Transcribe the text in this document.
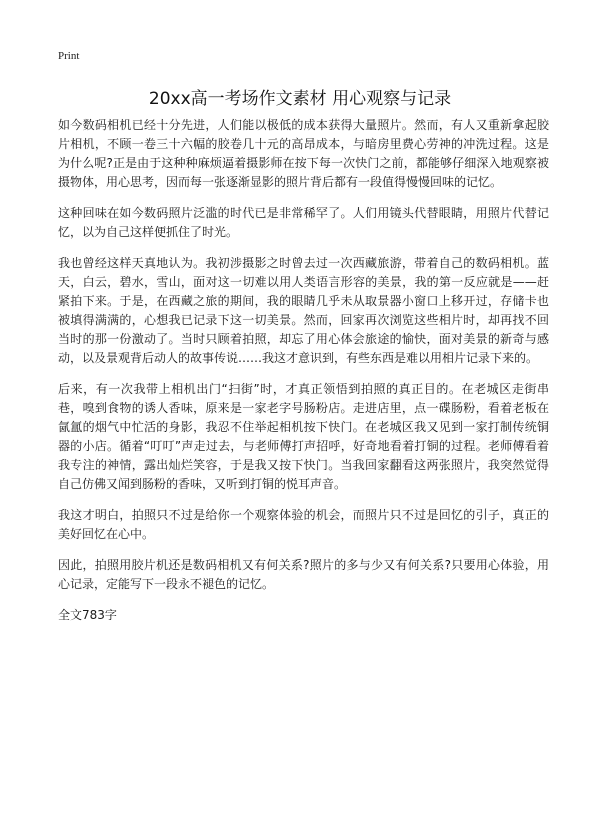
Print
20xx高一考场作文素材 用心观察与记录

如今数码相机已经十分先进，人们能以极低的成本获得大量照片。然而，有人又重新拿起胶片相机，不顾一卷三十六幅的胶卷几十元的高昂成本，与暗房里费心劳神的冲洗过程。这是为什么呢?正是由于这种种麻烦逼着摄影师在按下每一次快门之前，都能够仔细深入地观察被摄物体，用心思考，因而每一张逐渐显影的照片背后都有一段值得慢慢回味的记忆。

这种回味在如今数码照片泛滥的时代已是非常稀罕了。人们用镜头代替眼睛，用照片代替记忆，以为自己这样便抓住了时光。

我也曾经这样天真地认为。我初涉摄影之时曾去过一次西藏旅游，带着自己的数码相机。蓝天，白云，碧水，雪山，面对这一切难以用人类语言形容的美景，我的第一反应就是——赶紧拍下来。于是，在西藏之旅的期间，我的眼睛几乎未从取景器小窗口上移开过，存储卡也被填得满满的，心想我已记录下这一切美景。然而，回家再次浏览这些相片时，却再找不回当时的那一份激动了。当时只顾着拍照，却忘了用心体会旅途的愉快，面对美景的新奇与感动，以及景观背后动人的故事传说……我这才意识到，有些东西是难以用相片记录下来的。

后来，有一次我带上相机出门“扫街”时，才真正领悟到拍照的真正目的。在老城区走街串巷，嗅到食物的诱人香味，原来是一家老字号肠粉店。走进店里，点一碟肠粉，看着老板在氤氲的烟气中忙活的身影，我忍不住举起相机按下快门。在老城区我又见到一家打制传统铜器的小店。循着“叮叮”声走过去，与老师傅打声招呼，好奇地看着打铜的过程。老师傅看着我专注的神情，露出灿烂笑容，于是我又按下快门。当我回家翻看这两张照片，我突然觉得自己仿佛又闻到肠粉的香味，又听到打铜的悦耳声音。

我这才明白，拍照只不过是给你一个观察体验的机会，而照片只不过是回忆的引子，真正的美好回忆在心中。

因此，拍照用胶片机还是数码相机又有何关系?照片的多与少又有何关系?只要用心体验，用心记录，定能写下一段永不褪色的记忆。

全文783字
